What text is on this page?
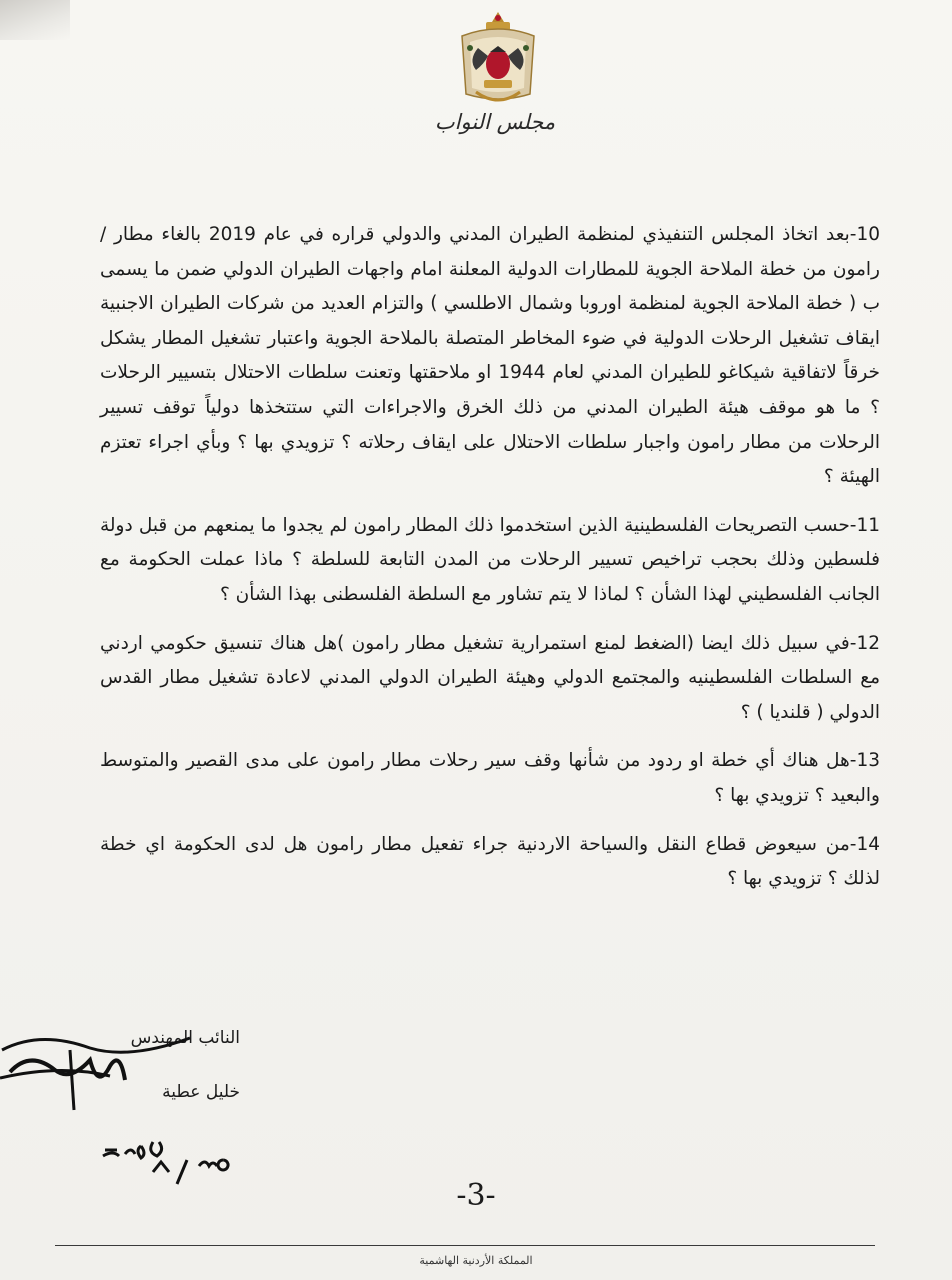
مجلس النواب

10-بعد اتخاذ المجلس التنفيذي لمنظمة الطيران المدني والدولي قراره في عام 2019 بالغاء مطار / رامون من خطة الملاحة الجوية للمطارات الدولية المعلنة امام واجهات الطيران الدولي ضمن ما يسمى ب ( خطة الملاحة الجوية لمنظمة اوروبا وشمال الاطلسي ) والتزام العديد من شركات الطيران الاجنبية ايقاف تشغيل الرحلات الدولية في ضوء المخاطر المتصلة بالملاحة الجوية واعتبار تشغيل المطار يشكل خرقاً لاتفاقية شيكاغو للطيران المدني لعام 1944 او ملاحقتها وتعنت سلطات الاحتلال بتسيير الرحلات ؟ ما هو موقف هيئة الطيران المدني من ذلك الخرق والاجراءات التي ستتخذها دولياً توقف تسيير الرحلات من مطار رامون واجبار سلطات الاحتلال على ايقاف رحلاته ؟ تزويدي بها ؟ وبأي اجراء تعتزم الهيئة ؟

11-حسب التصريحات الفلسطينية الذين استخدموا ذلك المطار رامون لم يجدوا ما يمنعهم من قبل دولة فلسطين وذلك بحجب تراخيص تسيير الرحلات من المدن التابعة للسلطة ؟ ماذا عملت الحكومة مع الجانب الفلسطيني لهذا الشأن ؟ لماذا لا يتم تشاور مع السلطة الفلسطنى بهذا الشأن ؟

12-في سبيل ذلك ايضا (الضغط لمنع استمرارية تشغيل مطار رامون )هل هناك تنسيق حكومي اردني مع السلطات الفلسطينيه والمجتمع الدولي وهيئة الطيران الدولي المدني لاعادة تشغيل مطار القدس الدولي ( قلنديا ) ؟

13-هل هناك أي خطة او ردود من شأنها وقف سير رحلات مطار رامون على مدى القصير والمتوسط والبعيد ؟ تزويدي بها ؟

14-من سيعوض قطاع النقل والسياحة الاردنية جراء تفعيل مطار رامون هل لدى الحكومة اي خطة لذلك ؟ تزويدي بها ؟

النائب المهندس
خليل عطية
-3-
المملكة الأردنية الهاشمية
